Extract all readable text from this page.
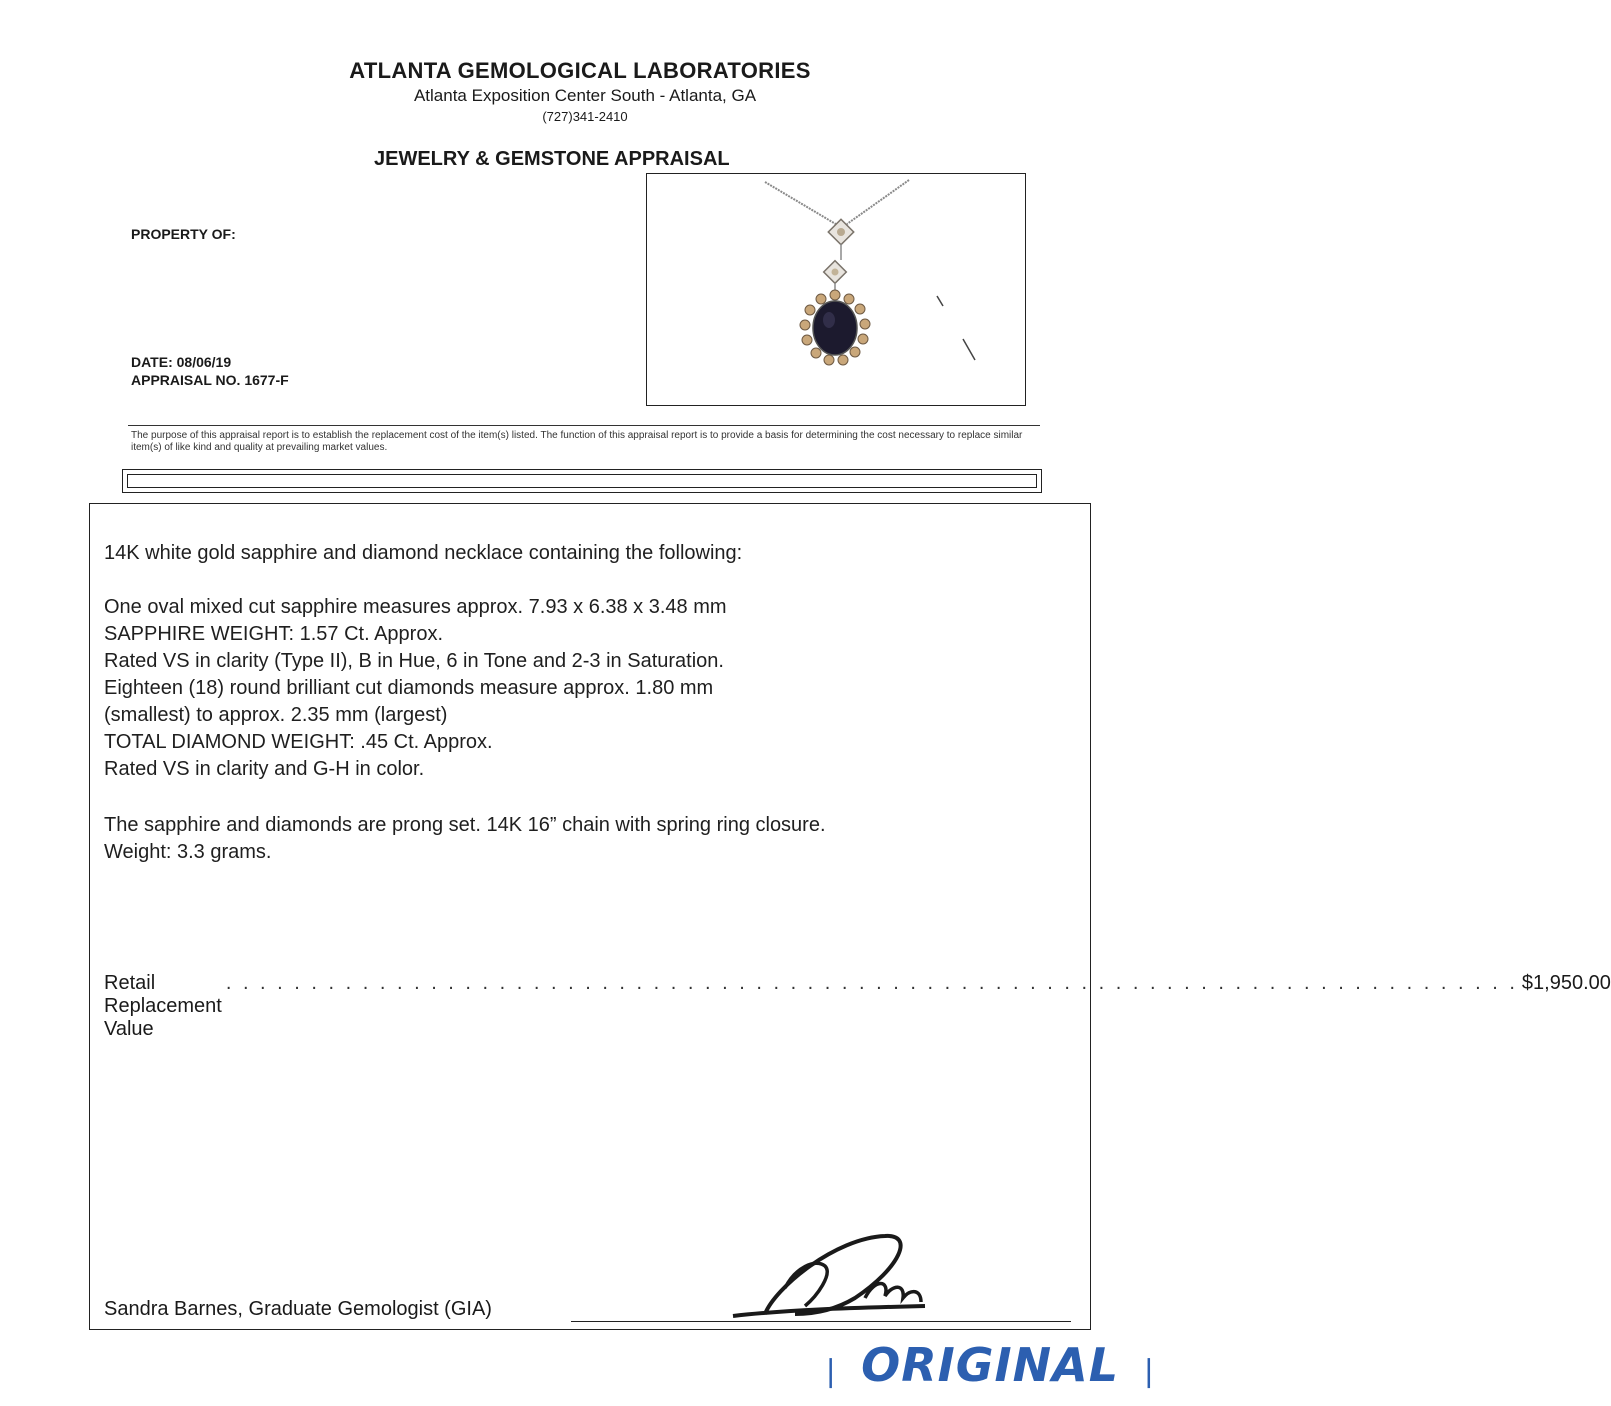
ATLANTA GEMOLOGICAL LABORATORIES
Atlanta Exposition Center South - Atlanta, GA
(727)341-2410
JEWELRY & GEMSTONE APPRAISAL
PROPERTY OF:
DATE: 08/06/19
APPRAISAL NO. 1677-F
The purpose of this appraisal report is to establish the replacement cost of the item(s) listed. The function of this appraisal report is to provide a basis for determining the cost necessary to replace similar item(s) of like kind and quality at prevailing market values.
14K white gold sapphire and diamond necklace containing the following:
One oval mixed cut sapphire measures approx. 7.93 x 6.38 x 3.48 mm
SAPPHIRE WEIGHT: 1.57 Ct. Approx.
Rated VS in clarity (Type II), B in Hue, 6 in Tone and 2-3 in Saturation.
Eighteen (18) round brilliant cut diamonds measure approx. 1.80 mm
(smallest) to approx. 2.35 mm (largest)
TOTAL DIAMOND WEIGHT: .45 Ct. Approx.
Rated VS in clarity and G-H in color.
The sapphire and diamonds are prong set. 14K 16” chain with spring ring closure.
Weight: 3.3 grams.
Retail Replacement Value
. . . . . . . . . . . . . . . . . . . . . . . . . . . . . . . . . . . . . . . . . . . . . . . . . . . . . . . . . . . . . . . . . . . . . . . . . . . . $1,950.00
Sandra Barnes, Graduate Gemologist (GIA)
❘ ORIGINAL ❘
